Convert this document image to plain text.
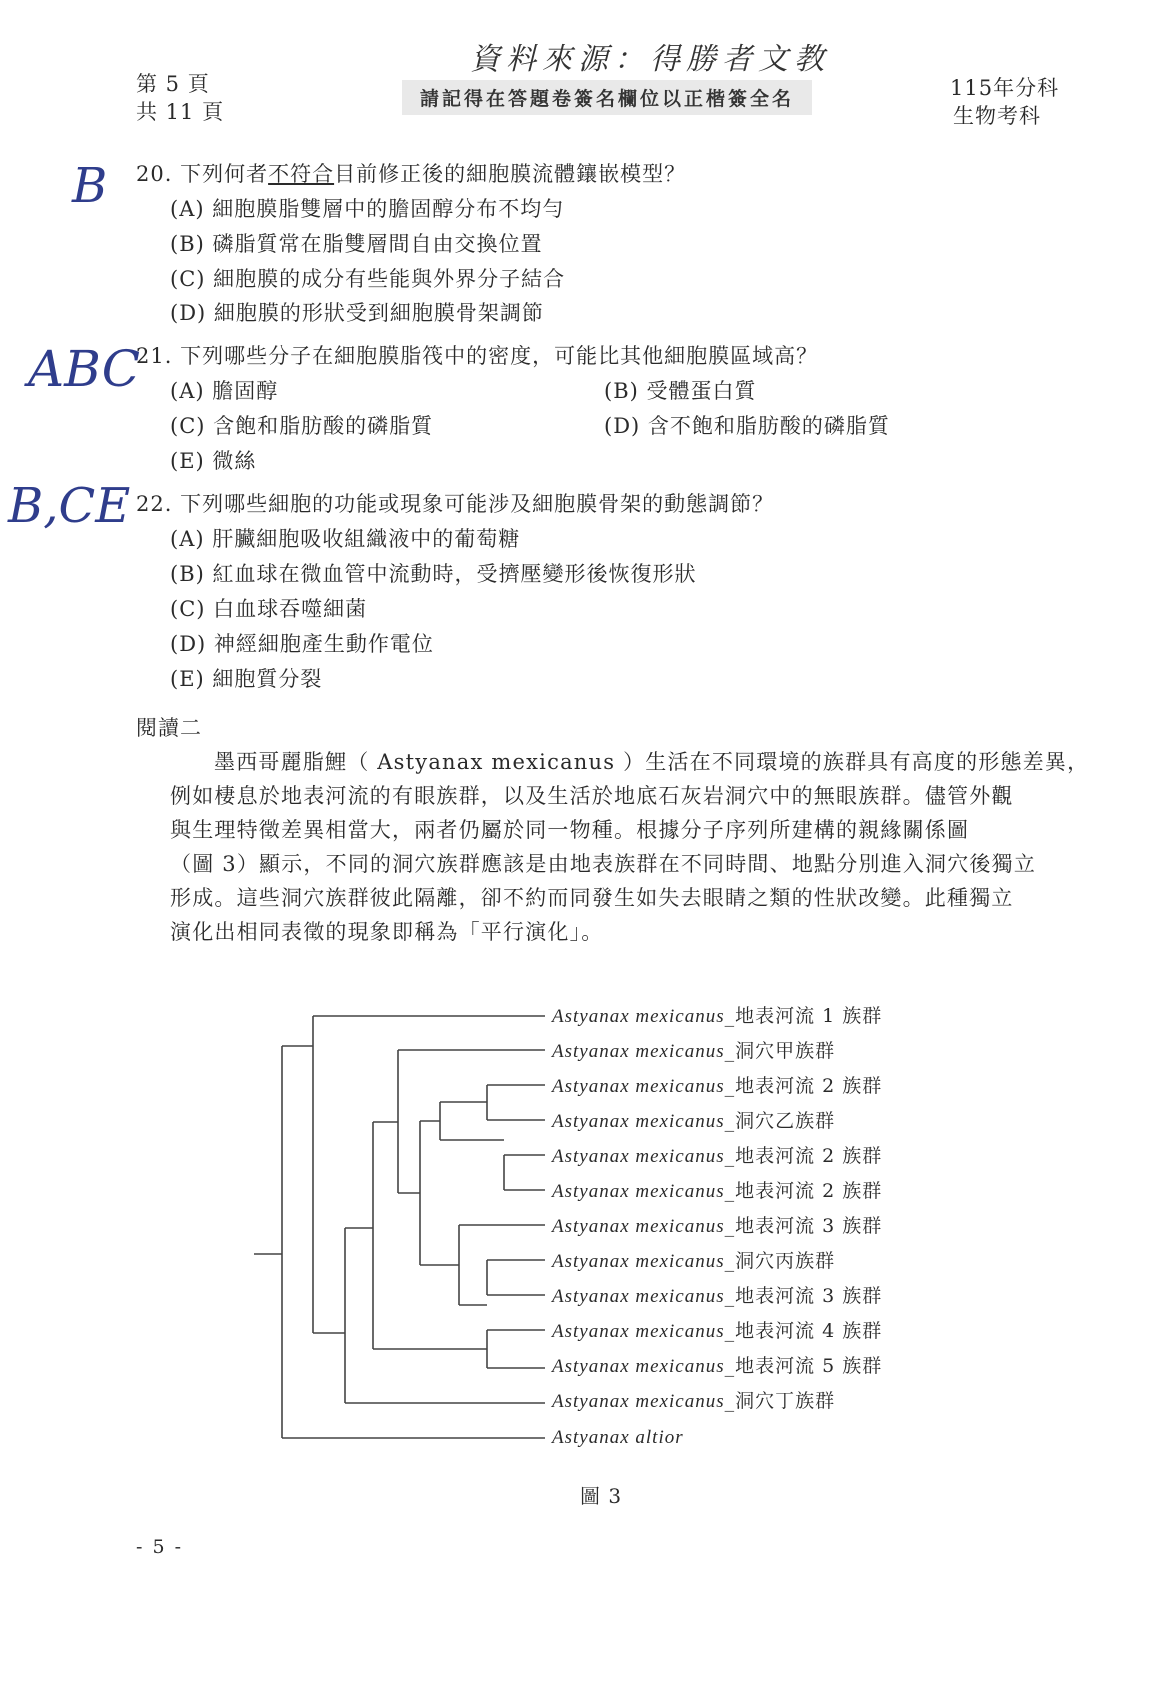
資料來源：得勝者文教
第 5 頁
共 11 頁
請記得在答題卷簽名欄位以正楷簽全名	115年分科
生物考科
B
ABC
B,CE
20. 下列何者不符合目前修正後的細胞膜流體鑲嵌模型？
(A) 細胞膜脂雙層中的膽固醇分布不均勻
(B) 磷脂質常在脂雙層間自由交換位置
(C) 細胞膜的成分有些能與外界分子結合
(D) 細胞膜的形狀受到細胞膜骨架調節
21. 下列哪些分子在細胞膜脂筏中的密度，可能比其他細胞膜區域高？
(A) 膽固醇	(B) 受體蛋白質
(C) 含飽和脂肪酸的磷脂質	(D) 含不飽和脂肪酸的磷脂質
(E) 微絲
22. 下列哪些細胞的功能或現象可能涉及細胞膜骨架的動態調節？
(A) 肝臟細胞吸收組織液中的葡萄糖
(B) 紅血球在微血管中流動時，受擠壓變形後恢復形狀
(C) 白血球吞噬細菌
(D) 神經細胞產生動作電位
(E) 細胞質分裂
閱讀二
墨西哥麗脂鯉（ Astyanax mexicanus ）生活在不同環境的族群具有高度的形態差異，
例如棲息於地表河流的有眼族群，以及生活於地底石灰岩洞穴中的無眼族群。儘管外觀
與生理特徵差異相當大，兩者仍屬於同一物種。根據分子序列所建構的親緣關係圖
（圖 3）顯示，不同的洞穴族群應該是由地表族群在不同時間、地點分別進入洞穴後獨立
形成。這些洞穴族群彼此隔離，卻不約而同發生如失去眼睛之類的性狀改變。此種獨立
演化出相同表徵的現象即稱為「平行演化」。
Astyanax mexicanus_地表河流 1 族群
Astyanax mexicanus_洞穴甲族群
Astyanax mexicanus_地表河流 2 族群
Astyanax mexicanus_洞穴乙族群
Astyanax mexicanus_地表河流 2 族群
Astyanax mexicanus_地表河流 2 族群
Astyanax mexicanus_地表河流 3 族群
Astyanax mexicanus_洞穴丙族群
Astyanax mexicanus_地表河流 3 族群
Astyanax mexicanus_地表河流 4 族群
Astyanax mexicanus_地表河流 5 族群
Astyanax mexicanus_洞穴丁族群
Astyanax altior
圖 3
- 5 -
